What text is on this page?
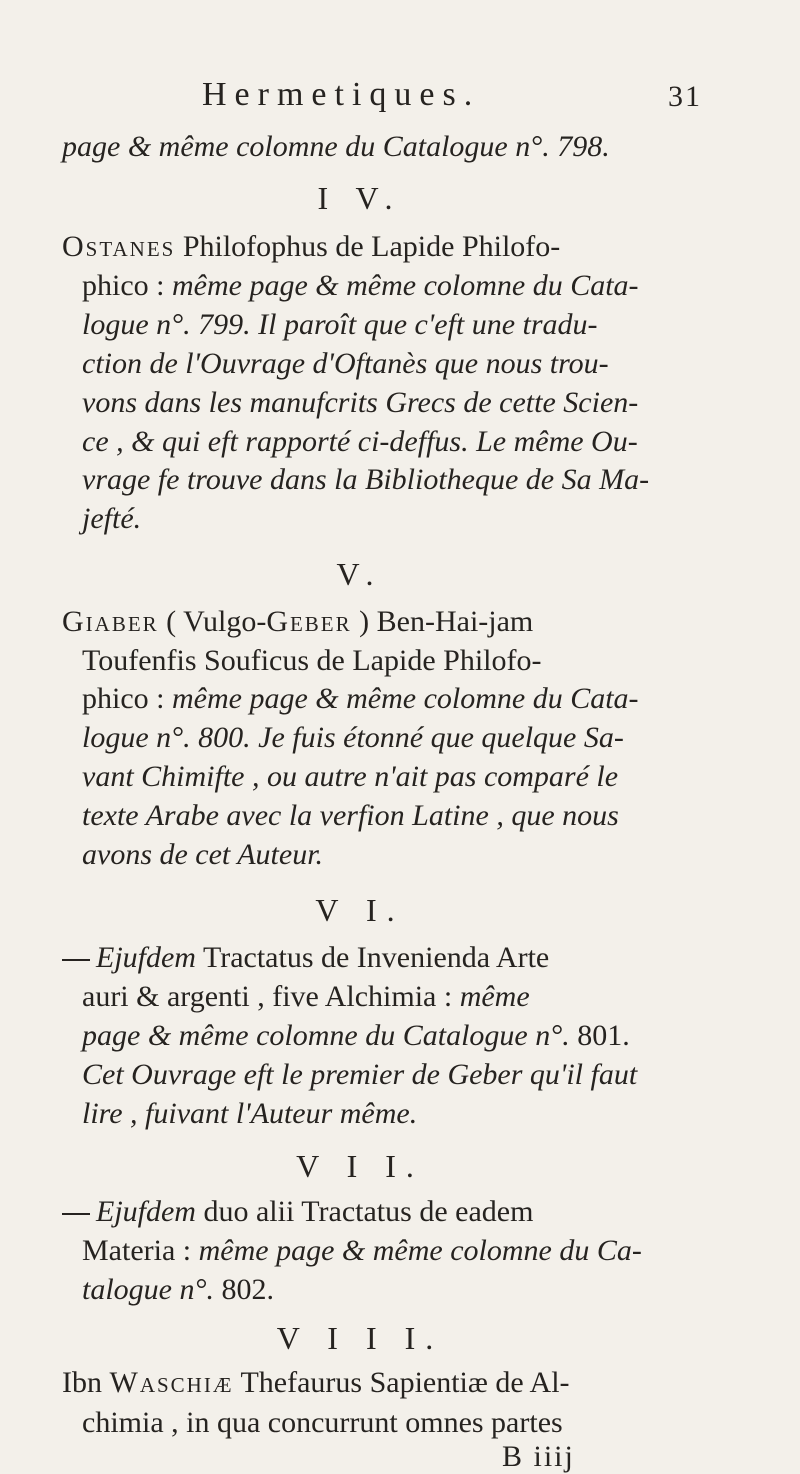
Hermetiques.	31
page & même colomne du Catalogue n°. 798.
I V.
Ostanes Philofophus de Lapide Philofo-
phico : même page & même colomne du Cata-
logue n°. 799. Il paroît que c'eft une tradu-
ction de l'Ouvrage d'Oftanès que nous trou-
vons dans les manufcrits Grecs de cette Scien-
ce , & qui eft rapporté ci-deffus. Le même Ou-
vrage fe trouve dans la Bibliotheque de Sa Ma-
jefté.
V.
Giaber ( Vulgo-Geber ) Ben-Hai-jam
Toufenfis Souficus de Lapide Philofo-
phico : même page & même colomne du Cata-
logue n°. 800. Je fuis étonné que quelque Sa-
vant Chimifte , ou autre n'ait pas comparé le
texte Arabe avec la verfion Latine , que nous
avons de cet Auteur.
V I.
Ejufdem Tractatus de Invenienda Arte
auri & argenti , five Alchimia : même
page & même colomne du Catalogue n°. 801.
Cet Ouvrage eft le premier de Geber qu'il faut
lire , fuivant l'Auteur même.
V I I.
Ejufdem duo alii Tractatus de eadem
Materia : même page & même colomne du Ca-
talogue n°. 802.
V I I I.
Ibn Waschiæ Thefaurus Sapientiæ de Al-
chimia , in qua concurrunt omnes partes
B iiij
